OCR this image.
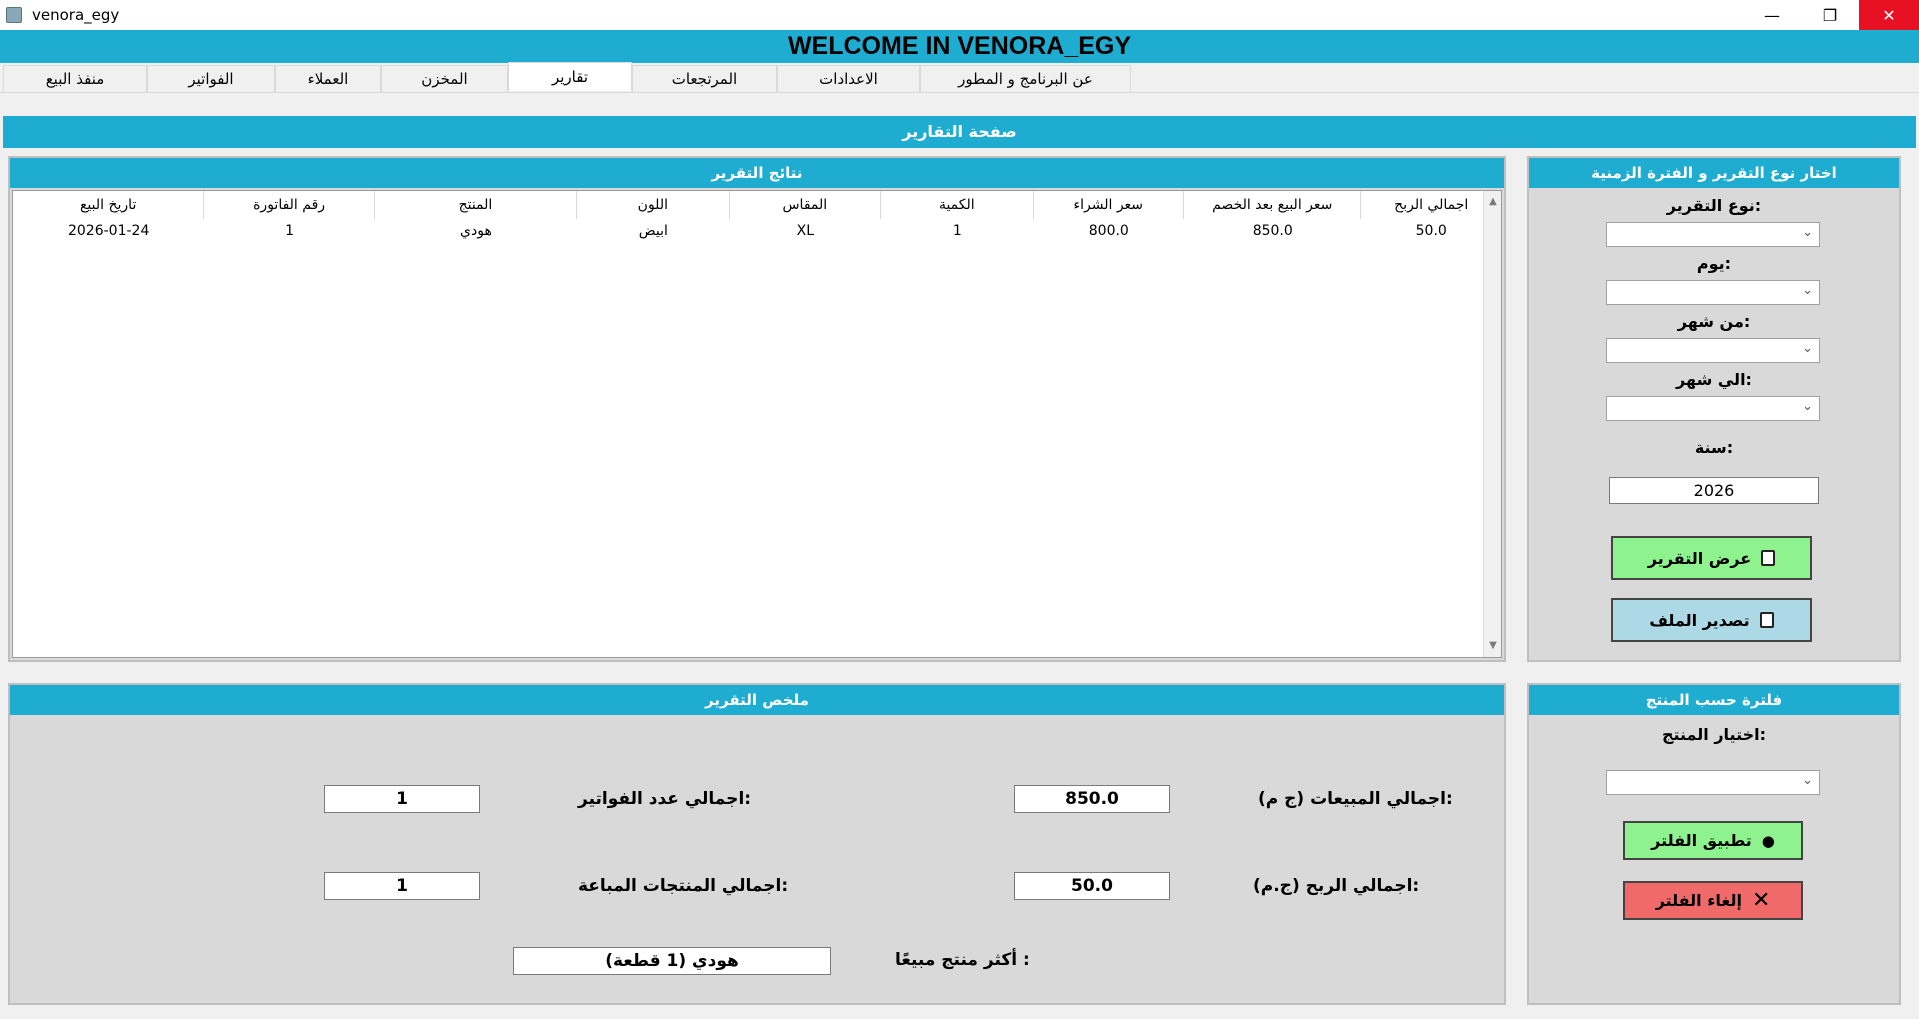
venora_egy	—	❐	✕
WELCOME IN VENORA_EGY
منفذ البيع	الفواتير	العملاء	المخزن	تقارير	المرتجعات	الاعدادات	عن البرنامج و المطور
صفحة التقارير
نتائج التقرير
تاريخ البيع	رقم الفاتورة	المنتج	اللون	المقاس	الكمية	سعر الشراء	سعر البيع بعد الخصم	اجمالي الربح
2026-01-24	1	هودي	ابيض	XL	1	800.0	850.0	50.0
▲
▼
اختار نوع التقرير و الفترة الزمنية
نوع التقرير:
⌄
يوم:
⌄
من شهر:
⌄
الي شهر:
⌄
سنة:
2026
عرض التقرير
تصدير الملف
ملخص التقرير
اجمالي المبيعات (ج م):
850.0
اجمالي عدد الفواتير:
1
اجمالي الربح (ج.م):
50.0
اجمالي المنتجات المباعة:
1
أكثر منتج مبيعًا :
هودي (1 قطعة)
فلترة حسب المنتج
اختيار المنتج:
⌄
تطبيق الفلتر ●
إلغاء الفلتر ✕
